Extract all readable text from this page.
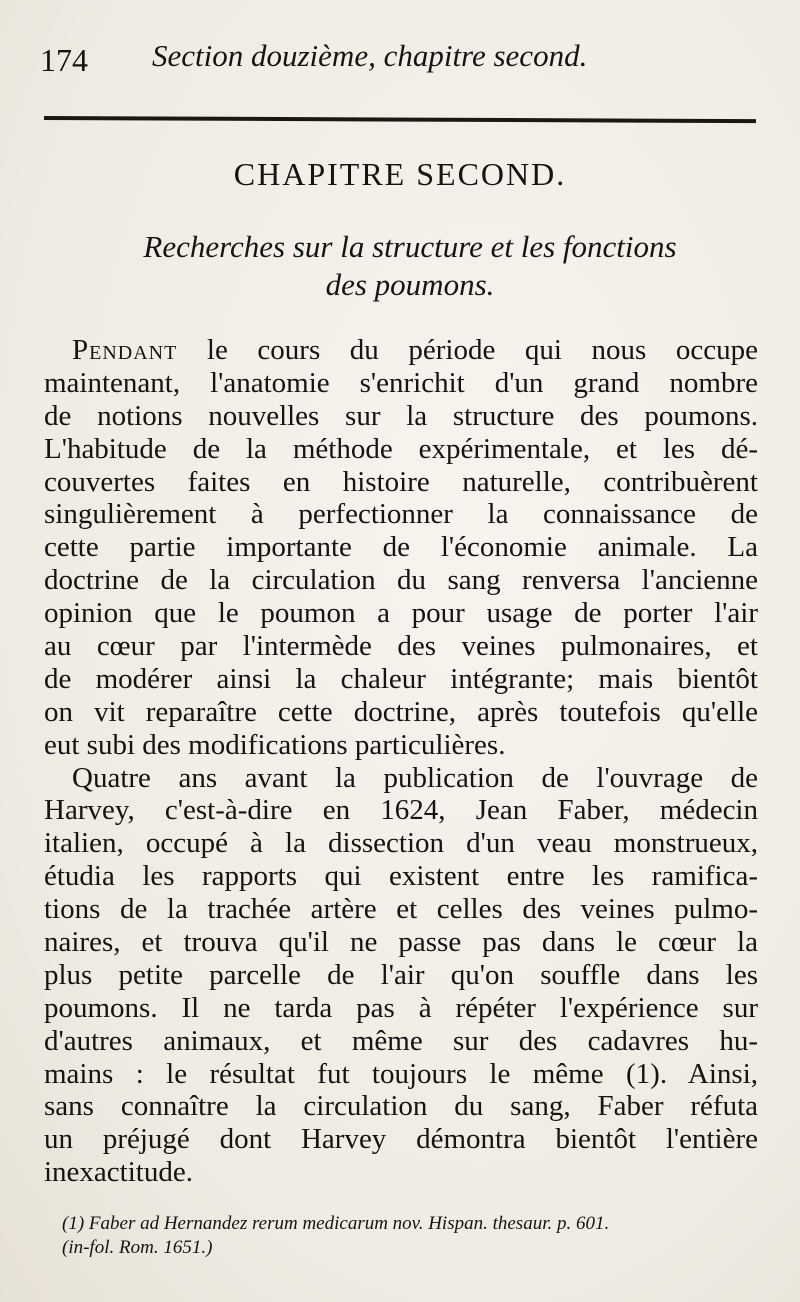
174 Section douzième, chapitre second.
CHAPITRE SECOND.
Recherches sur la structure et les fonctions
des poumons.
Pendant le cours du période qui nous occupe
maintenant, l'anatomie s'enrichit d'un grand nombre
de notions nouvelles sur la structure des poumons.
L'habitude de la méthode expérimentale, et les dé-
couvertes faites en histoire naturelle, contribuèrent
singulièrement à perfectionner la connaissance de
cette partie importante de l'économie animale. La
doctrine de la circulation du sang renversa l'ancienne
opinion que le poumon a pour usage de porter l'air
au cœur par l'intermède des veines pulmonaires, et
de modérer ainsi la chaleur intégrante; mais bientôt
on vit reparaître cette doctrine, après toutefois qu'elle
eut subi des modifications particulières.
Quatre ans avant la publication de l'ouvrage de
Harvey, c'est-à-dire en 1624, Jean Faber, médecin
italien, occupé à la dissection d'un veau monstrueux,
étudia les rapports qui existent entre les ramifica-
tions de la trachée artère et celles des veines pulmo-
naires, et trouva qu'il ne passe pas dans le cœur la
plus petite parcelle de l'air qu'on souffle dans les
poumons. Il ne tarda pas à répéter l'expérience sur
d'autres animaux, et même sur des cadavres hu-
mains : le résultat fut toujours le même (1). Ainsi,
sans connaître la circulation du sang, Faber réfuta
un préjugé dont Harvey démontra bientôt l'entière
inexactitude.
(1) Faber ad Hernandez rerum medicarum nov. Hispan. thesaur. p. 601.
(in-fol. Rom. 1651.)
